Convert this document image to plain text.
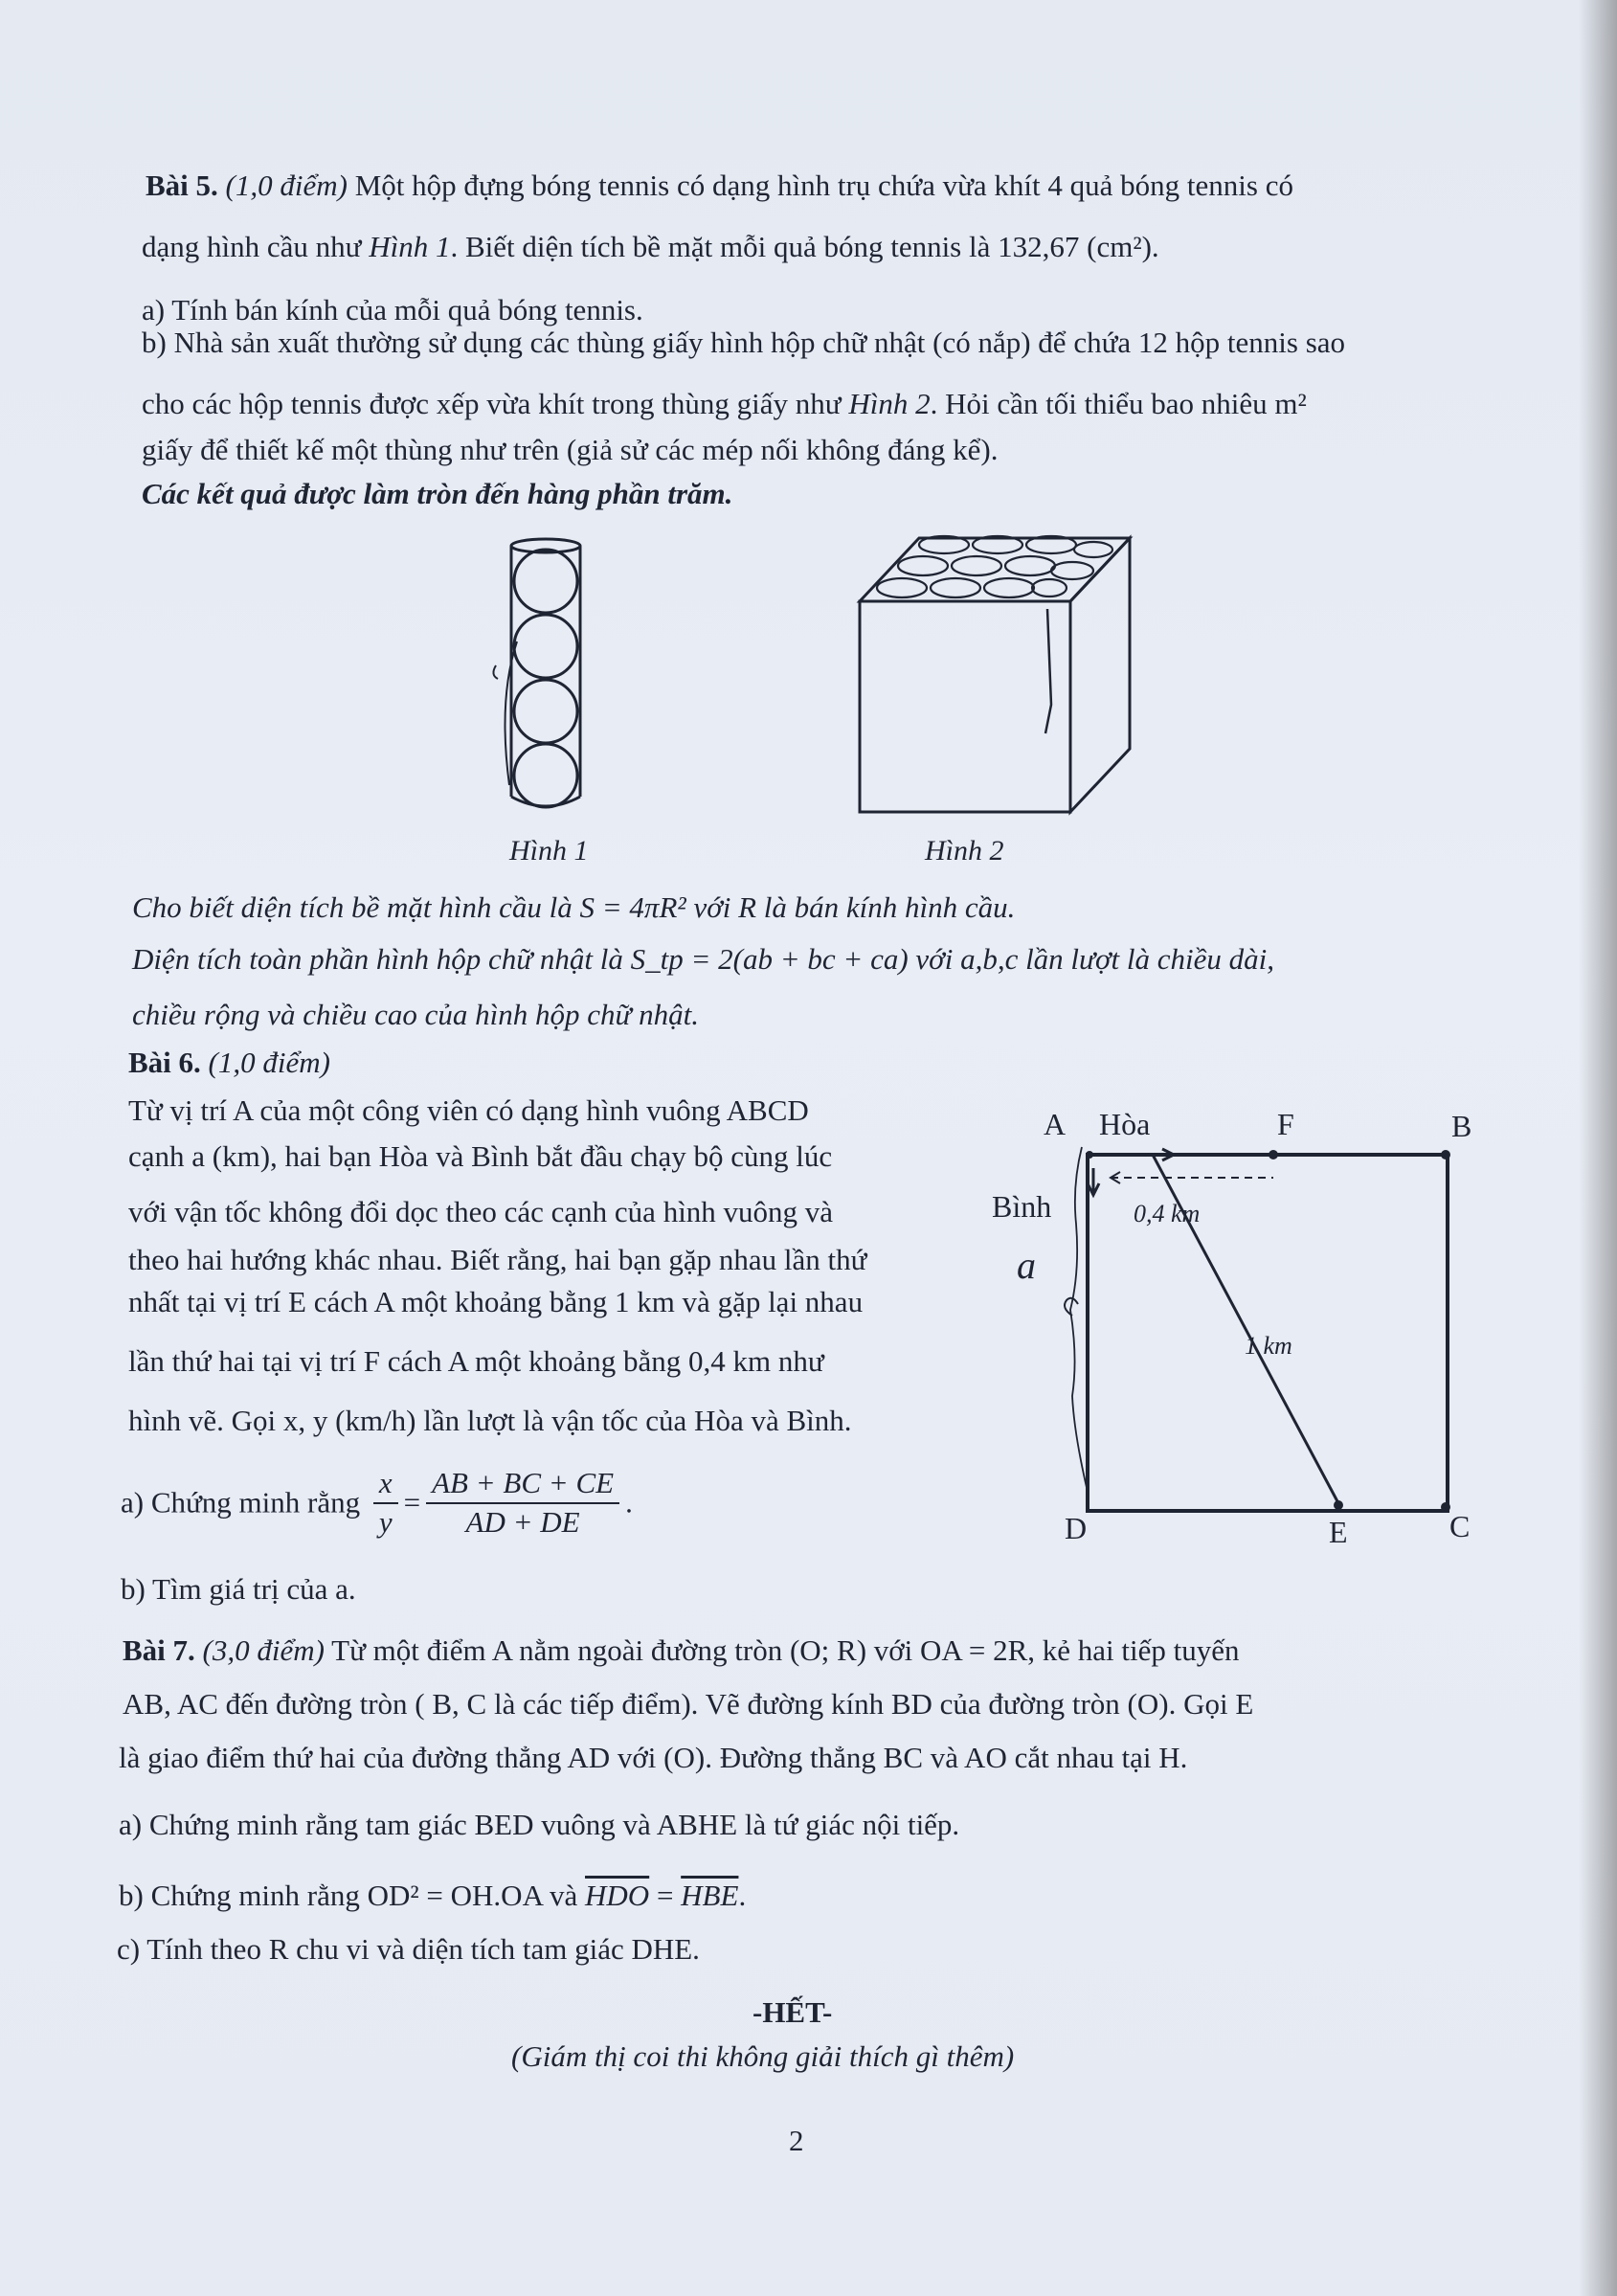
Bài 5. (1,0 điểm) Một hộp đựng bóng tennis có dạng hình trụ chứa vừa khít 4 quả bóng tennis có
dạng hình cầu như Hình 1. Biết diện tích bề mặt mỗi quả bóng tennis là 132,67 (cm²).
a) Tính bán kính của mỗi quả bóng tennis.
b) Nhà sản xuất thường sử dụng các thùng giấy hình hộp chữ nhật (có nắp) để chứa 12 hộp tennis sao
cho các hộp tennis được xếp vừa khít trong thùng giấy như Hình 2. Hỏi cần tối thiểu bao nhiêu m²
giấy để thiết kế một thùng như trên (giả sử các mép nối không đáng kể).
Các kết quả được làm tròn đến hàng phần trăm.
Hình 1	Hình 2
Cho biết diện tích bề mặt hình cầu là S = 4πR² với R là bán kính hình cầu.
Diện tích toàn phần hình hộp chữ nhật là S_tp = 2(ab + bc + ca) với a,b,c lần lượt là chiều dài,
chiều rộng và chiều cao của hình hộp chữ nhật.
Bài 6. (1,0 điểm)
Từ vị trí A của một công viên có dạng hình vuông ABCD
cạnh a (km), hai bạn Hòa và Bình bắt đầu chạy bộ cùng lúc
với vận tốc không đổi dọc theo các cạnh của hình vuông và
theo hai hướng khác nhau. Biết rằng, hai bạn gặp nhau lần thứ
nhất tại vị trí E cách A một khoảng bằng 1 km và gặp lại nhau
lần thứ hai tại vị trí F cách A một khoảng bằng 0,4 km như
hình vẽ. Gọi x, y (km/h) lần lượt là vận tốc của Hòa và Bình.
a) Chứng minh rằng $\frac{x}{y} = \frac{AB + BC + CE}{AD + DE}$ .
b) Tìm giá trị của a.
0,4 km
1 km
A Hòa	F	B
Bình
a
D	E	C
Bài 7. (3,0 điểm) Từ một điểm A nằm ngoài đường tròn (O; R) với OA = 2R, kẻ hai tiếp tuyến
AB, AC đến đường tròn ( B, C là các tiếp điểm). Vẽ đường kính BD của đường tròn (O). Gọi E
là giao điểm thứ hai của đường thẳng AD với (O). Đường thẳng BC và AO cắt nhau tại H.
a) Chứng minh rằng tam giác BED vuông và ABHE là tứ giác nội tiếp.
b) Chứng minh rằng OD² = OH.OA và $\overline{HDO} = \overline{HBE}$.
c) Tính theo R chu vi và diện tích tam giác DHE.
-HẾT-
(Giám thị coi thi không giải thích gì thêm)
2
